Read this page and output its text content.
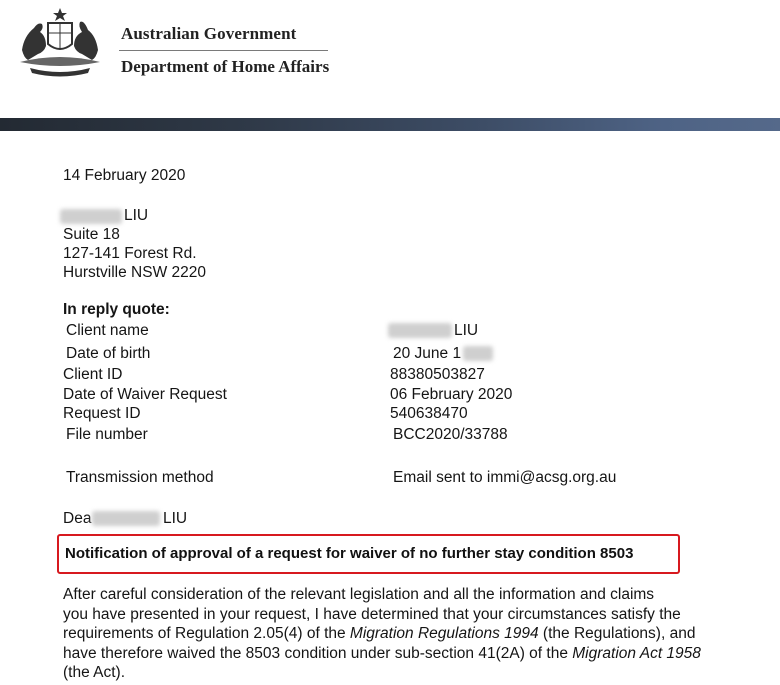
Australian Government
Department of Home Affairs
14 February 2020
LIU
Suite 18
127-141 Forest Rd.
Hurstville NSW 2220
In reply quote:
Client name	LIU
Date of birth	20 June 1
Client ID	88380503827
Date of Waiver Request	06 February 2020
Request ID	540638470
File number	BCC2020/33788
Transmission method	Email sent to immi@acsg.org.au
Dea	LIU
Notification of approval of a request for waiver of no further stay condition 8503
After careful consideration of the relevant legislation and all the information and claims
you have presented in your request, I have determined that your circumstances satisfy the
requirements of Regulation 2.05(4) of the Migration Regulations 1994 (the Regulations), and
have therefore waived the 8503 condition under sub-section 41(2A) of the Migration Act 1958
(the Act).
